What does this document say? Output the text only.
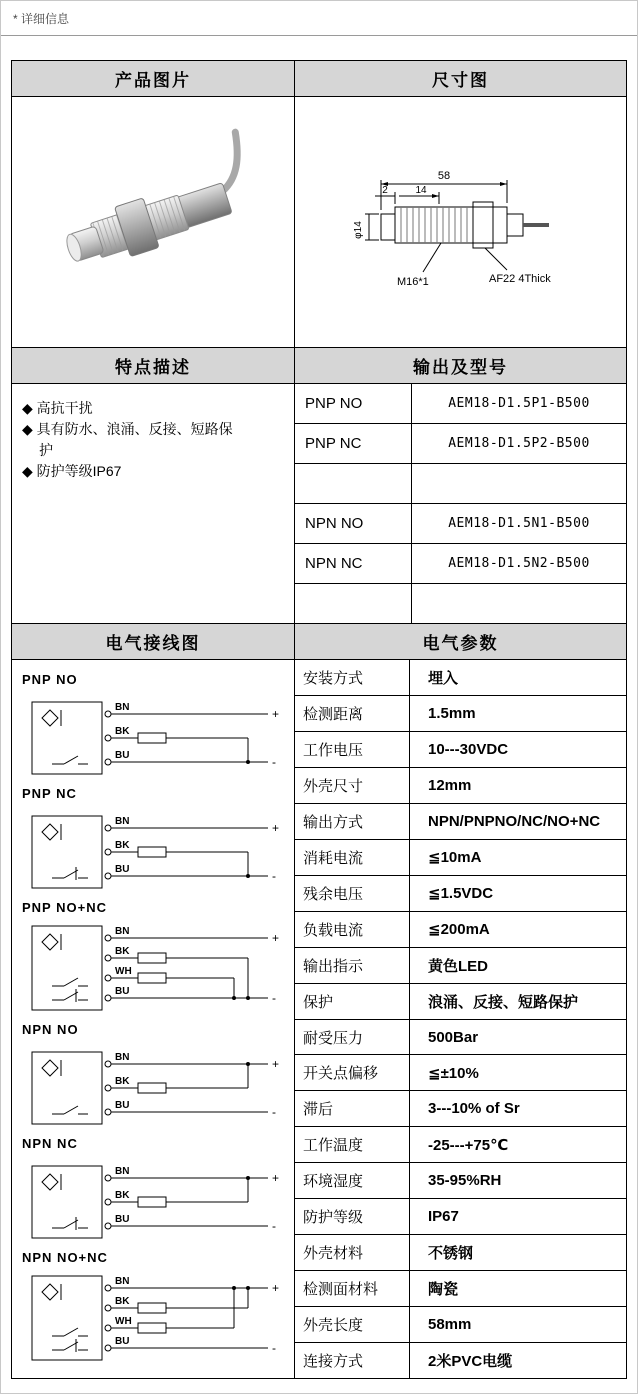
* 详细信息
产品图片	尺寸图
58
2	14
φ14
M16*1	AF22 4Thick
特点描述	输出及型号
◆ 高抗干扰
◆ 具有防水、浪涌、反接、短路保护
◆ 防护等级IP67
PNP NO	AEM18-D1.5P1-B500
PNP NC	AEM18-D1.5P2-B500
NPN NO	AEM18-D1.5N1-B500
NPN NC	AEM18-D1.5N2-B500
电气接线图	电气参数
PNP NO
BN	+
BK
BU	-
PNP NC
BN	+
BK
BU	-
PNP NO+NC
BN	+
BK
WH
BU	-
NPN NO
BN	+
BK
BU	-
NPN NC
BN	+
BK
BU	-
NPN NO+NC
BN	+
BK
WH
BU	-
安装方式	埋入
检测距离	1.5mm
工作电压	10---30VDC
外壳尺寸	12mm
输出方式	NPN/PNPNO/NC/NO+NC
消耗电流	≦10mA
残余电压	≦1.5VDC
负载电流	≦200mA
输出指示	黄色LED
保护	浪涌、反接、短路保护
耐受压力	500Bar
开关点偏移	≦±10%
滞后	3---10% of Sr
工作温度	-25---+75℃
环境湿度	35-95%RH
防护等级	IP67
外壳材料	不锈钢
检测面材料	陶瓷
外壳长度	58mm
连接方式	2米PVC电缆
